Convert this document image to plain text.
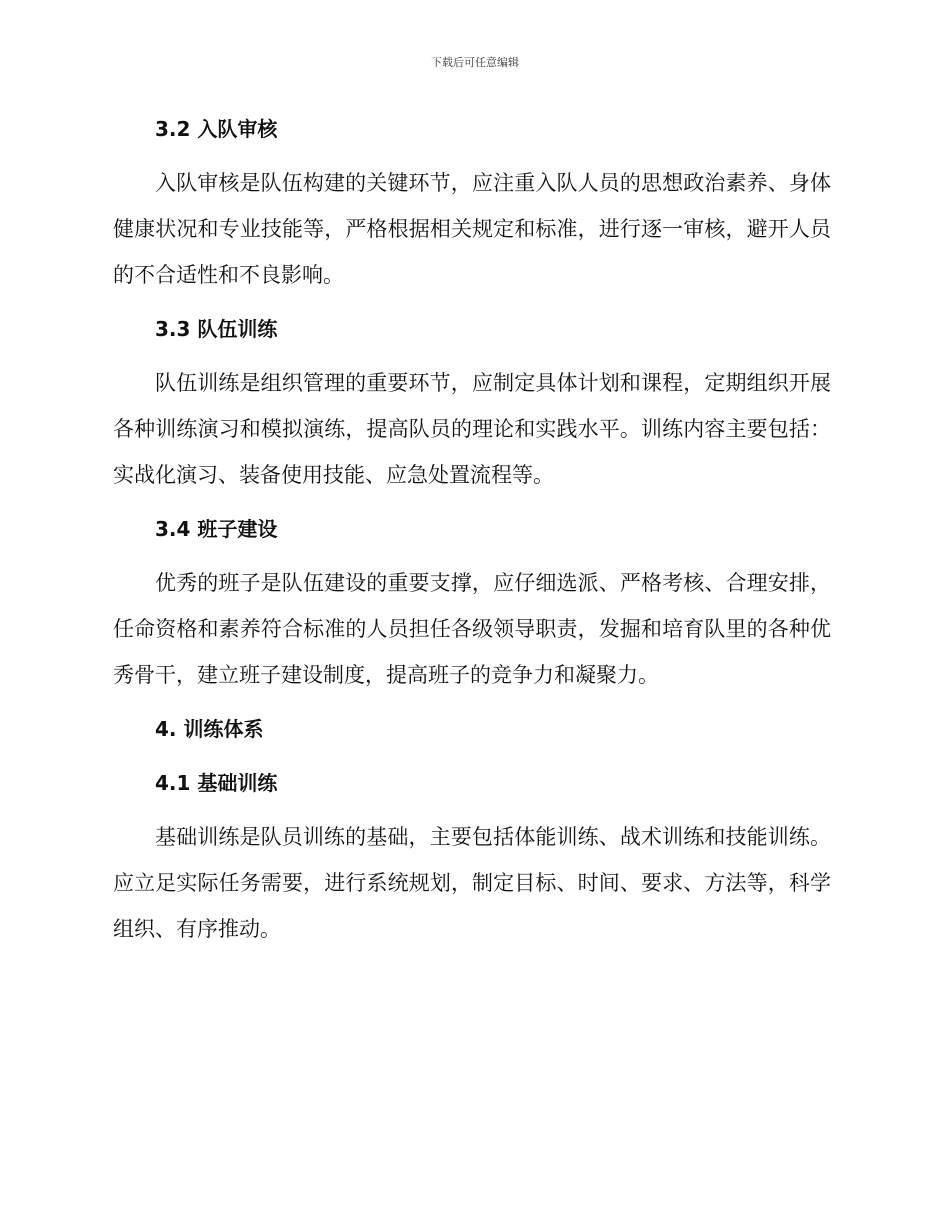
下载后可任意编辑
3.2 入队审核

入队审核是队伍构建的关键环节，应注重入队人员的思想政治素养、身体健康状况和专业技能等，严格根据相关规定和标准，进行逐一审核，避开人员的不合适性和不良影响。

3.3 队伍训练

队伍训练是组织管理的重要环节，应制定具体计划和课程，定期组织开展各种训练演习和模拟演练，提高队员的理论和实践水平。训练内容主要包括：实战化演习、装备使用技能、应急处置流程等。

3.4 班子建设

优秀的班子是队伍建设的重要支撑，应仔细选派、严格考核、合理安排，任命资格和素养符合标准的人员担任各级领导职责，发掘和培育队里的各种优秀骨干，建立班子建设制度，提高班子的竞争力和凝聚力。

4. 训练体系
4.1 基础训练

基础训练是队员训练的基础，主要包括体能训练、战术训练和技能训练。应立足实际任务需要，进行系统规划，制定目标、时间、要求、方法等，科学组织、有序推动。
